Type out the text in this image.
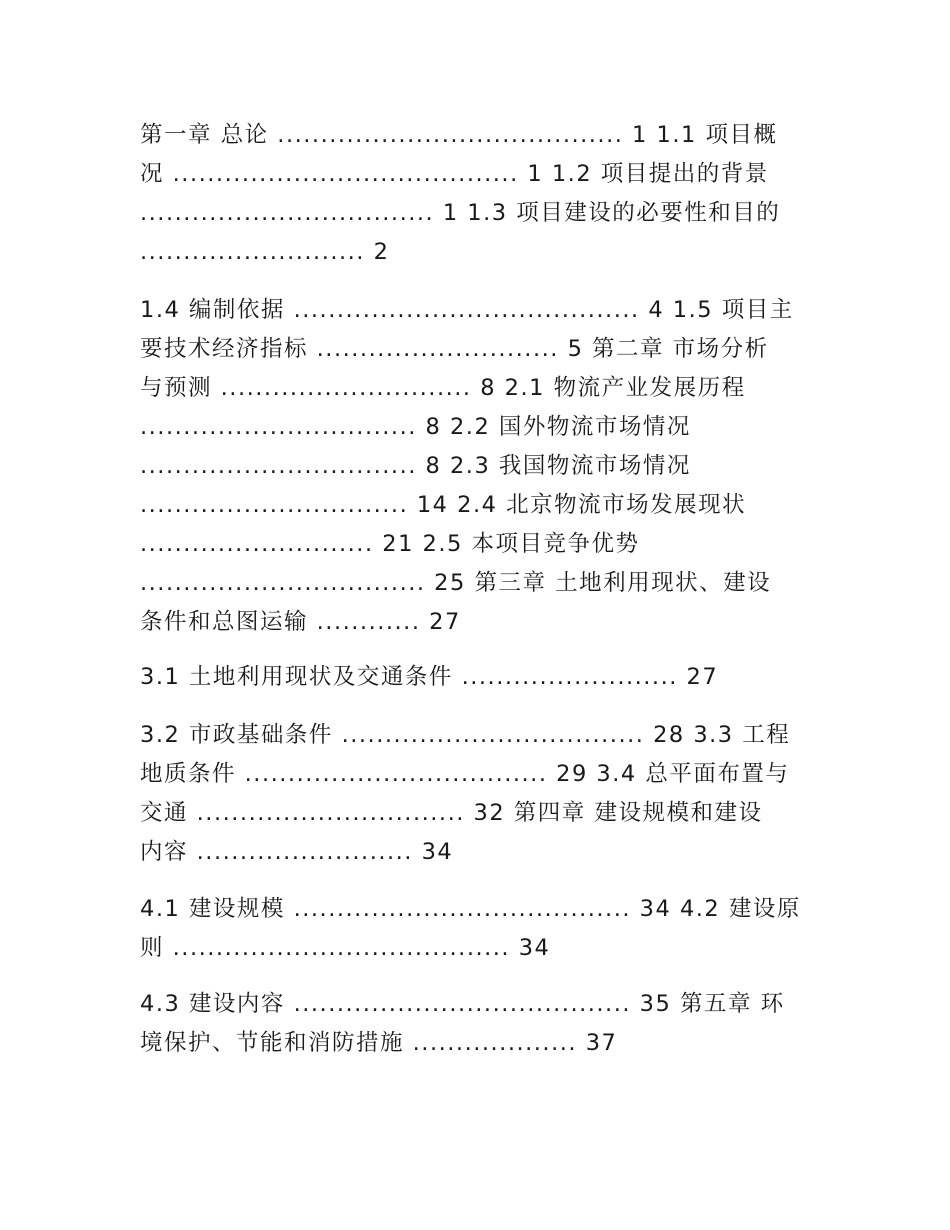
第一章 总论 ........................................ 1 1.1 项目概
况 ........................................ 1 1.2 项目提出的背景
.................................. 1 1.3 项目建设的必要性和目的
.......................... 2
1.4 编制依据 ........................................ 4 1.5 项目主
要技术经济指标 ............................ 5 第二章 市场分析
与预测 ............................. 8 2.1 物流产业发展历程
................................ 8 2.2 国外物流市场情况
................................ 8 2.3 我国物流市场情况
............................... 14 2.4 北京物流市场发展现状
........................... 21 2.5 本项目竞争优势
................................. 25 第三章 土地利用现状、建设
条件和总图运输 ............ 27
3.1 土地利用现状及交通条件 ......................... 27
3.2 市政基础条件 ................................... 28 3.3 工程
地质条件 ................................... 29 3.4 总平面布置与
交通 ............................... 32 第四章 建设规模和建设
内容 ......................... 34
4.1 建设规模 ....................................... 34 4.2 建设原
则 ....................................... 34
4.3 建设内容 ....................................... 35 第五章 环
境保护、节能和消防措施 ................... 37
